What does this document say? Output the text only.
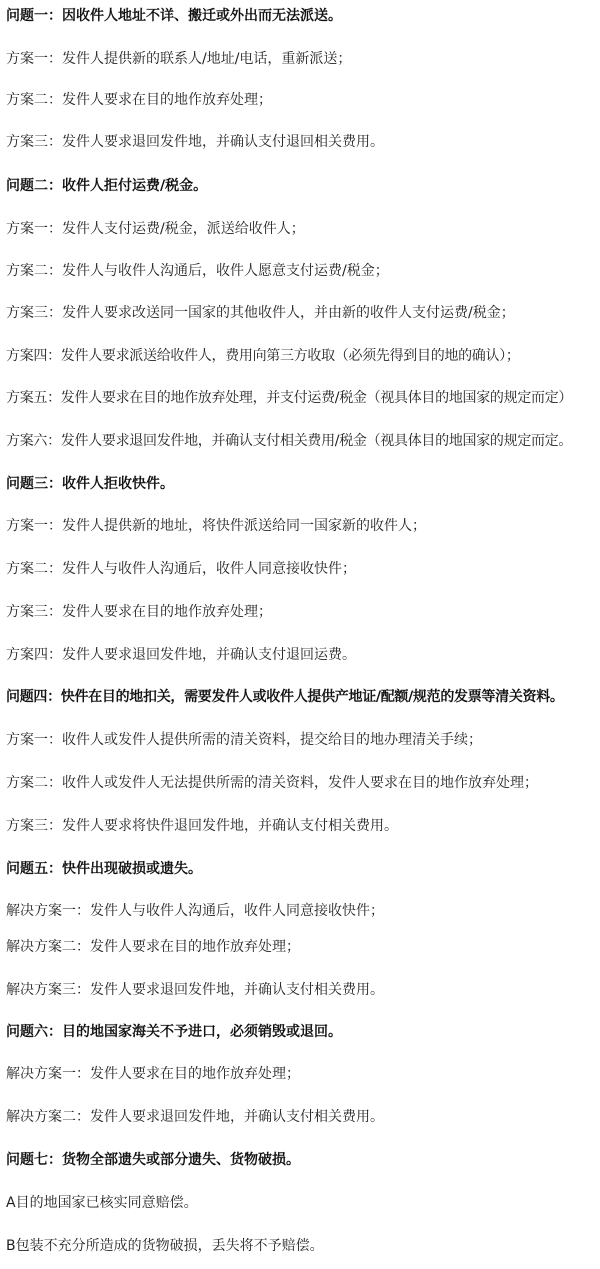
问题一：因收件人地址不详、搬迁或外出而无法派送。
方案一：发件人提供新的联系人/地址/电话，重新派送；
方案二：发件人要求在目的地作放弃处理；
方案三：发件人要求退回发件地，并确认支付退回相关费用。
问题二：收件人拒付运费/税金。
方案一：发件人支付运费/税金，派送给收件人；
方案二：发件人与收件人沟通后，收件人愿意支付运费/税金；
方案三：发件人要求改送同一国家的其他收件人，并由新的收件人支付运费/税金；
方案四：发件人要求派送给收件人，费用向第三方收取（必须先得到目的地的确认）；
方案五：发件人要求在目的地作放弃处理，并支付运费/税金（视具体目的地国家的规定而定）
方案六：发件人要求退回发件地，并确认支付相关费用/税金（视具体目的地国家的规定而定。
问题三：收件人拒收快件。
方案一：发件人提供新的地址，将快件派送给同一国家新的收件人；
方案二：发件人与收件人沟通后，收件人同意接收快件；
方案三：发件人要求在目的地作放弃处理；
方案四：发件人要求退回发件地，并确认支付退回运费。
问题四：快件在目的地扣关，需要发件人或收件人提供产地证/配额/规范的发票等清关资料。
方案一：收件人或发件人提供所需的清关资料，提交给目的地办理清关手续；
方案二：收件人或发件人无法提供所需的清关资料，发件人要求在目的地作放弃处理；
方案三：发件人要求将快件退回发件地，并确认支付相关费用。
问题五：快件出现破损或遗失。
解决方案一：发件人与收件人沟通后，收件人同意接收快件；
解决方案二：发件人要求在目的地作放弃处理；
解决方案三：发件人要求退回发件地，并确认支付相关费用。
问题六：目的地国家海关不予进口，必须销毁或退回。
解决方案一：发件人要求在目的地作放弃处理；
解决方案二：发件人要求退回发件地，并确认支付相关费用。
问题七：货物全部遗失或部分遗失、货物破损。
A目的地国家已核实同意赔偿。
B包装不充分所造成的货物破损，丢失将不予赔偿。
